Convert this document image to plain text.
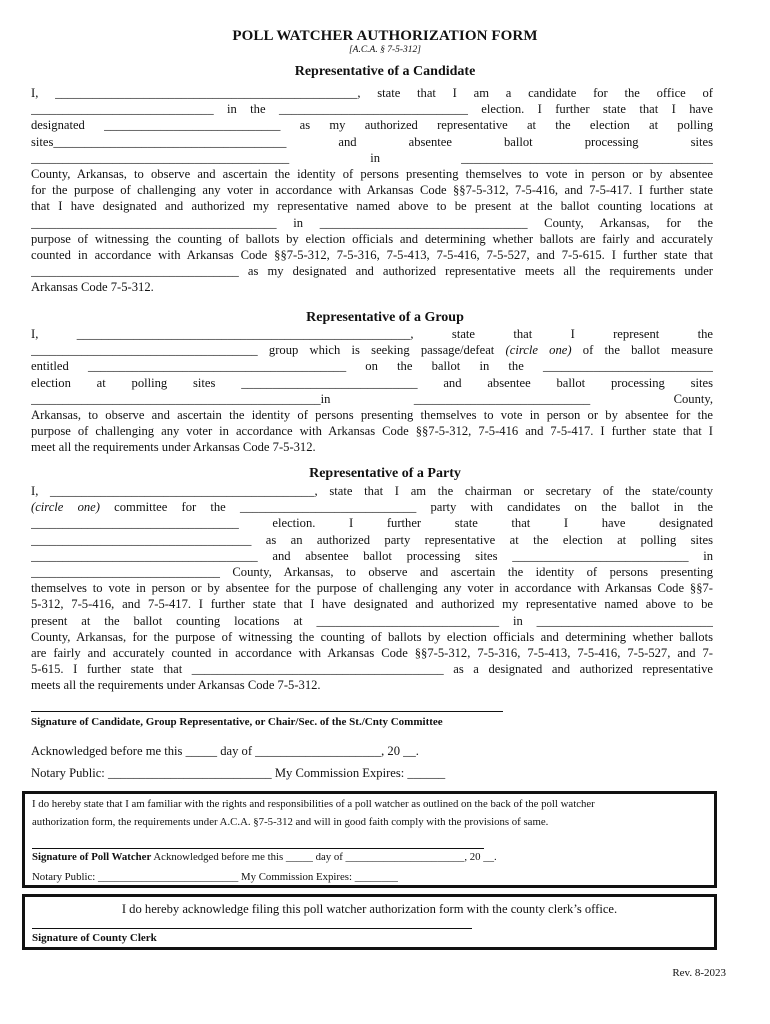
POLL WATCHER AUTHORIZATION FORM
[A.C.A. § 7-5-312]
Representative of a Candidate
I, ________________________________________________, state that I am a candidate for the office of
_____________________________ in the ______________________________ election. I further state that I have
designated ____________________________ as my authorized representative at the election at polling
sites_____________________________________ and absentee ballot processing sites
_________________________________________ in ________________________________________
County, Arkansas, to observe and ascertain the identity of persons presenting themselves to vote in person or by absentee
for the purpose of challenging any voter in accordance with Arkansas Code §§7-5-312, 7-5-416, and 7-5-417. I further state
that I have designated and authorized my representative named above to be present at the ballot counting locations at
_______________________________________ in _________________________________ County, Arkansas, for the
purpose of witnessing the counting of ballots by election officials and determining whether ballots are fairly and accurately
counted in accordance with Arkansas Code §§7-5-312, 7-5-316, 7-5-413, 7-5-416, 7-5-527, and 7-5-615. I further state that
_________________________________ as my designated and authorized representative meets all the requirements under
Arkansas Code 7-5-312.
Representative of a Group
I, _____________________________________________________, state that I represent the
____________________________________ group which is seeking passage/defeat (circle one) of the ballot measure
entitled _________________________________________ on the ballot in the ___________________________
election at polling sites ____________________________ and absentee ballot processing sites
______________________________________________in ____________________________ County,
Arkansas, to observe and ascertain the identity of persons presenting themselves to vote in person or by absentee for the
purpose of challenging any voter in accordance with Arkansas Code §§7-5-312, 7-5-416 and 7-5-417. I further state that I
meet all the requirements under Arkansas Code 7-5-312.
Representative of a Party
I, __________________________________________, state that I am the chairman or secretary of the state/county
(circle one) committee for the ____________________________ party with candidates on the ballot in the
_________________________________ election. I further state that I have designated
___________________________________ as an authorized party representative at the election at polling sites
____________________________________ and absentee ballot processing sites ____________________________ in
______________________________ County, Arkansas, to observe and ascertain the identity of persons presenting
themselves to vote in person or by absentee for the purpose of challenging any voter in accordance with Arkansas Code §§7-
5-312, 7-5-416, and 7-5-417. I further state that I have designated and authorized my representative named above to be
present at the ballot counting locations at _____________________________ in ____________________________
County, Arkansas, for the purpose of witnessing the counting of ballots by election officials and determining whether ballots
are fairly and accurately counted in accordance with Arkansas Code §§7-5-312, 7-5-316, 7-5-413, 7-5-416, 7-5-527, and 7-
5-615. I further state that ________________________________________ as a designated and authorized representative
meets all the requirements under Arkansas Code 7-5-312.
Signature of Candidate, Group Representative, or Chair/Sec. of the St./Cnty Committee
Acknowledged before me this _____ day of ____________________, 20 __.
Notary Public: __________________________ My Commission Expires: ______
I do hereby state that I am familiar with the rights and responsibilities of a poll watcher as outlined on the back of the poll watcher
authorization form, the requirements under A.C.A. §7-5-312 and will in good faith comply with the provisions of same.
Signature of Poll Watcher Acknowledged before me this _____ day of ______________________, 20 __.
Notary Public: __________________________ My Commission Expires: ________
I do hereby acknowledge filing this poll watcher authorization form with the county clerk’s office.
Signature of County Clerk
Rev. 8-2023
